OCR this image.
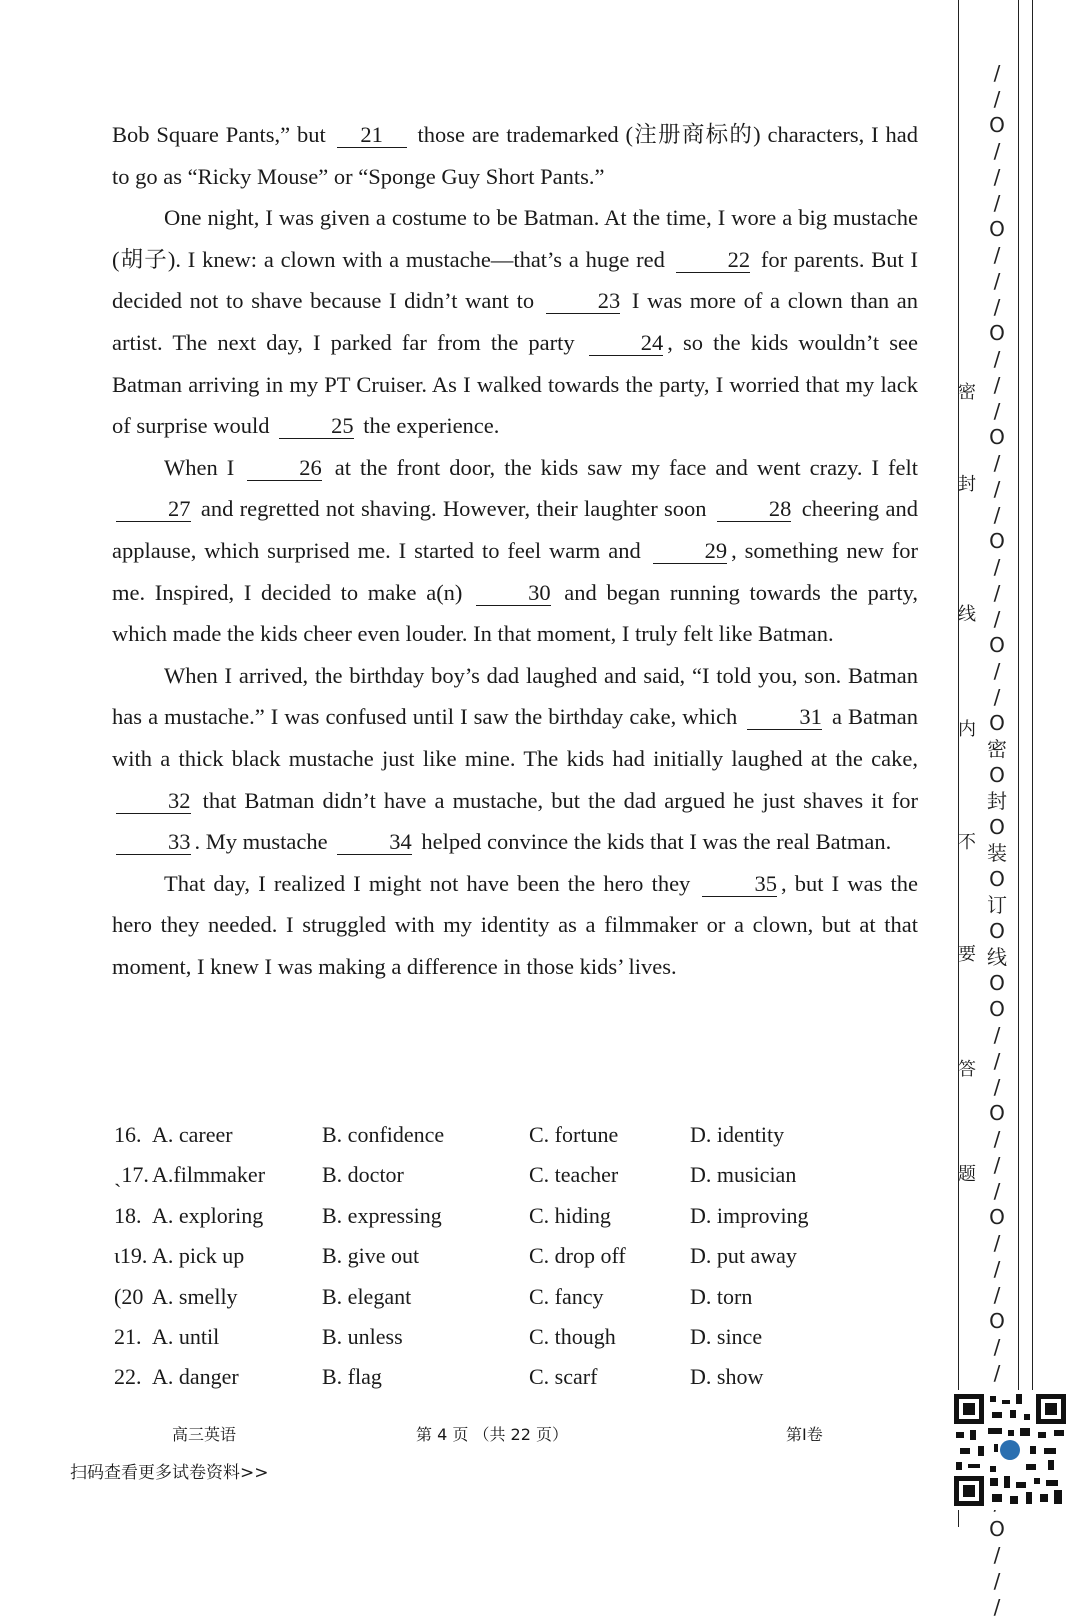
Bob Square Pants,” but 21 those are trademarked (注册商标的) characters, I had to go as “Ricky Mouse” or “Sponge Guy Short Pants.”

One night, I was given a costume to be Batman. At the time, I wore a big mustache (胡子). I knew: a clown with a mustache—that’s a huge red 22 for parents. But I decided not to shave because I didn’t want to 23 I was more of a clown than an artist. The next day, I parked far from the party 24 , so the kids wouldn’t see Batman arriving in my PT Cruiser. As I walked towards the party, I worried that my lack of surprise would 25 the experience.

When I 26 at the front door, the kids saw my face and went crazy. I felt 27 and regretted not shaving. However, their laughter soon 28 cheering and applause, which surprised me. I started to feel warm and 29 , something new for me. Inspired, I decided to make a(n) 30 and began running towards the party, which made the kids cheer even louder. In that moment, I truly felt like Batman.

When I arrived, the birthday boy’s dad laughed and said, “I told you, son. Batman has a mustache.” I was confused until I saw the birthday cake, which 31 a Batman with a thick black mustache just like mine. The kids had initially laughed at the cake, 32 that Batman didn’t have a mustache, but the dad argued he just shaves it for 33 . My mustache 34 helped convince the kids that I was the real Batman.

That day, I realized I might not have been the hero they 35 , but I was the hero they needed. I struggled with my identity as a filmmaker or a clown, but at that moment, I knew I was making a difference in those kids’ lives.

16. A. career	B. confidence	C. fortune	D. identity
ˎ17. A.filmmaker	B. doctor	C. teacher	D. musician
18. A. exploring	B. expressing	C. hiding	D. improving
ɩ19. A. pick up	B. give out	C. drop off	D. put away
(20 A. smelly	B. elegant	C. fancy	D. torn
21. A. until	B. unless	C. though	D. since
22. A. danger	B. flag	C. scarf	D. show
高三英语	第 4 页 （共 22 页）	第I卷
扫码查看更多试卷资料>>
密
封
线
内
不
要
答
题
/
/
O
/
/
/
O
/
/
/
O
/
/
/
O
/
/
/
O
/
/
/
O
/
/
O
密
O
封
O
装
O
订
O
线
O
O
/
/
/
O
/
/
/
O
/
/
/
O
/
/
O
/
/
/
